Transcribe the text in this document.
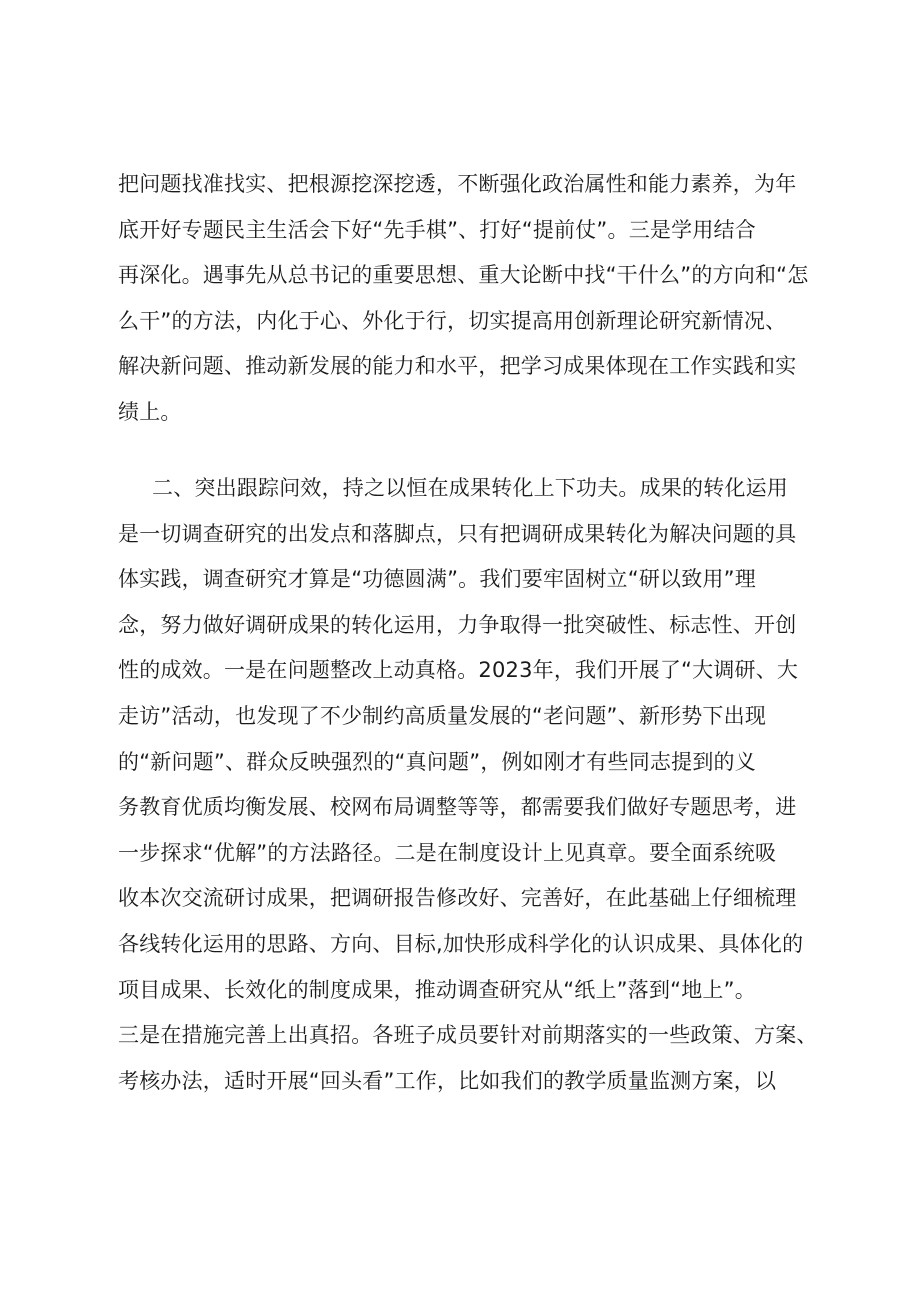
把问题找准找实、把根源挖深挖透，不断强化政治属性和能力素养，为年
底开好专题民主生活会下好“先手棋”、打好“提前仗”。三是学用结合
再深化。遇事先从总书记的重要思想、重大论断中找“干什么”的方向和“怎
么干”的方法，内化于心、外化于行，切实提高用创新理论研究新情况、
解决新问题、推动新发展的能力和水平，把学习成果体现在工作实践和实
绩上。
二、突出跟踪问效，持之以恒在成果转化上下功夫。成果的转化运用
是一切调查研究的出发点和落脚点，只有把调研成果转化为解决问题的具
体实践，调查研究才算是“功德圆满”。我们要牢固树立“研以致用”理
念，努力做好调研成果的转化运用，力争取得一批突破性、标志性、开创
性的成效。一是在问题整改上动真格。2023年，我们开展了“大调研、大
走访”活动，也发现了不少制约高质量发展的“老问题”、新形势下出现
的“新问题”、群众反映强烈的“真问题”，例如刚才有些同志提到的义
务教育优质均衡发展、校网布局调整等等，都需要我们做好专题思考，进
一步探求“优解”的方法路径。二是在制度设计上见真章。要全面系统吸
收本次交流研讨成果，把调研报告修改好、完善好，在此基础上仔细梳理
各线转化运用的思路、方向、目标,加快形成科学化的认识成果、具体化的
项目成果、长效化的制度成果，推动调查研究从“纸上”落到“地上”。
三是在措施完善上出真招。各班子成员要针对前期落实的一些政策、方案、
考核办法，适时开展“回头看”工作，比如我们的教学质量监测方案，以
